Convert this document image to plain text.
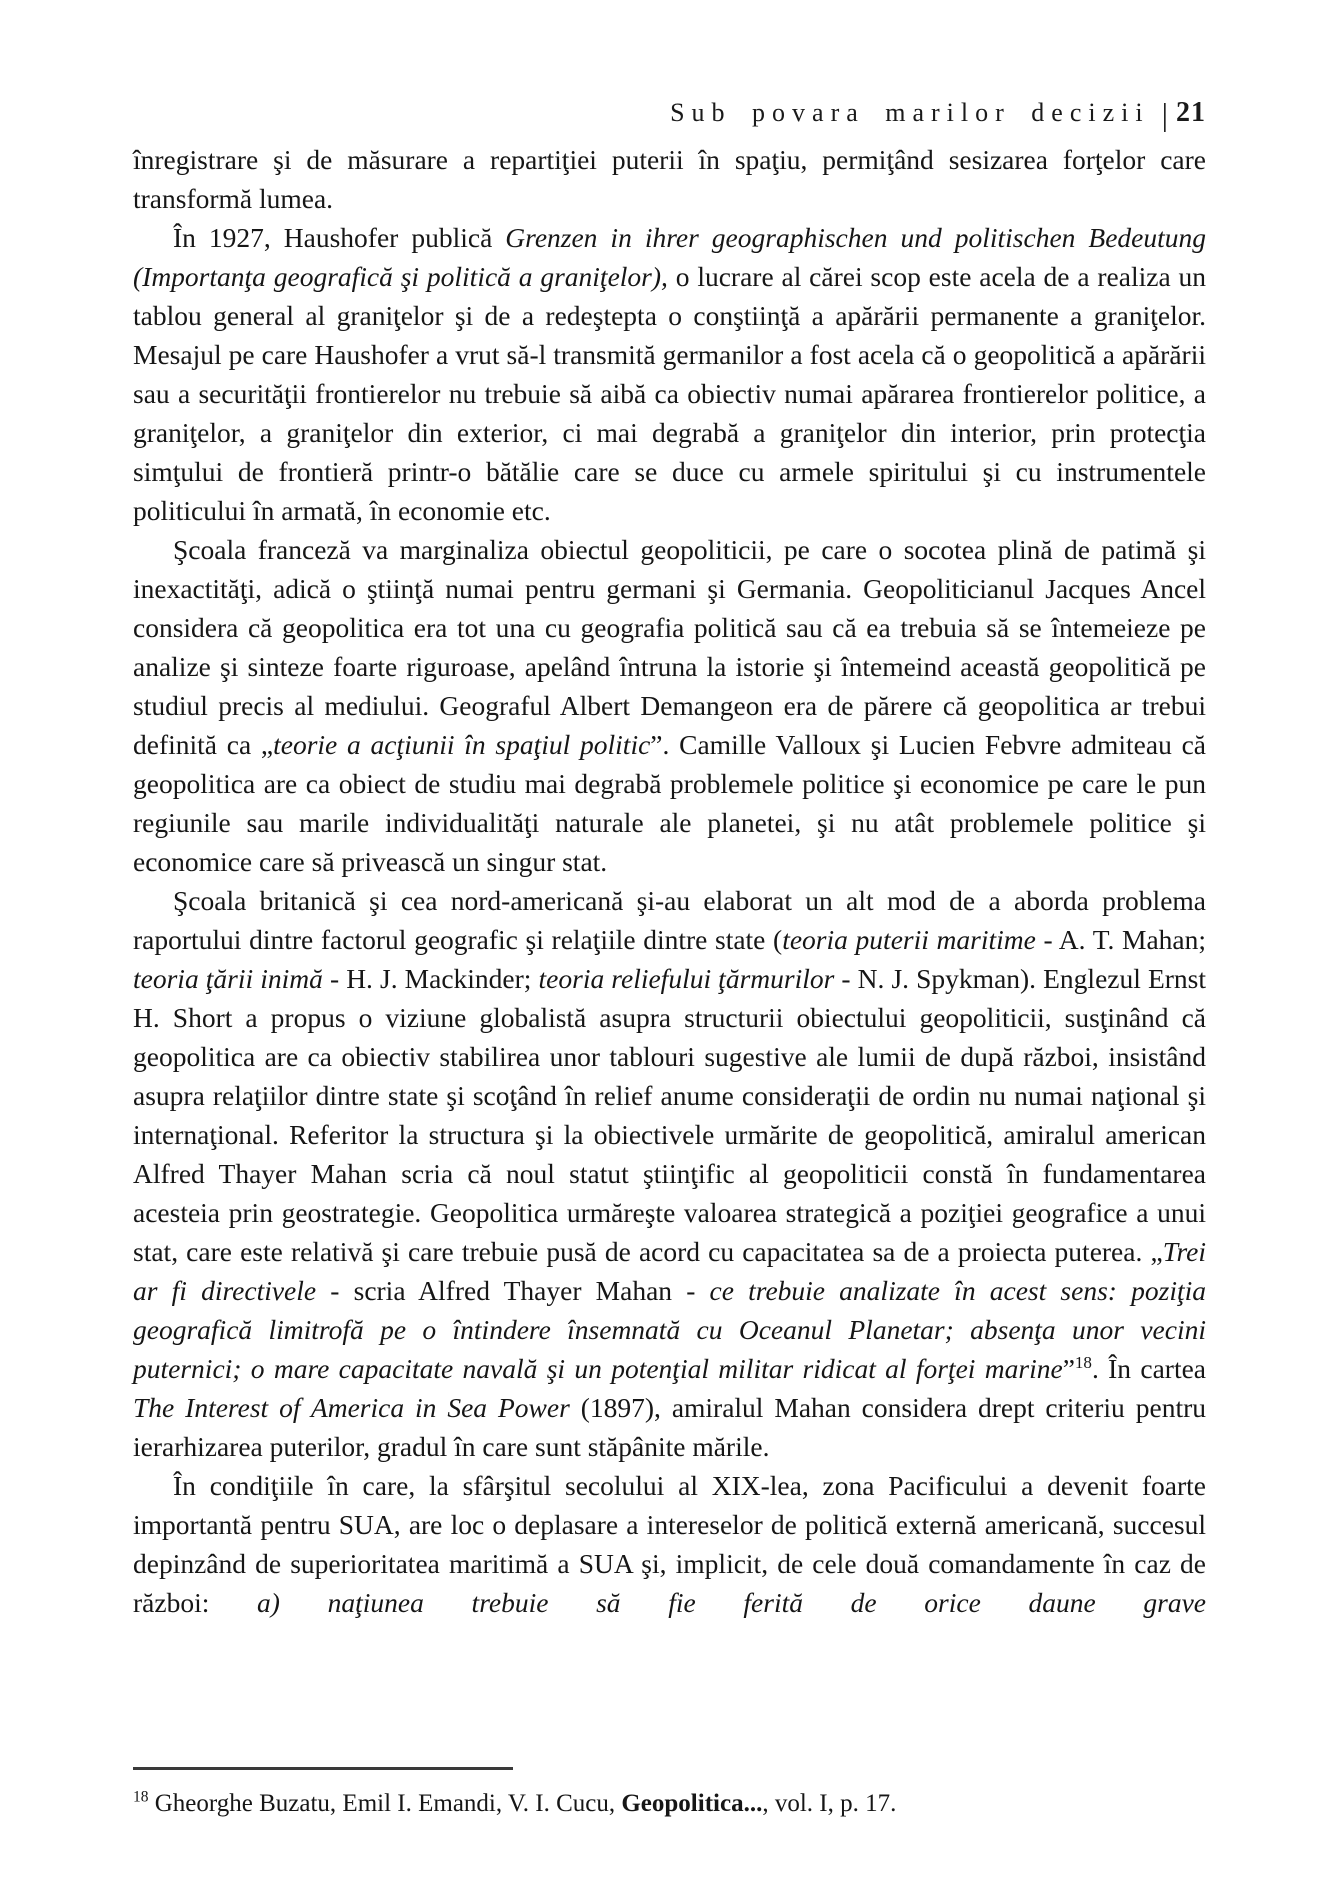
Sub povara marilor decizii | 21

înregistrare şi de măsurare a repartiţiei puterii în spaţiu, permiţând sesizarea forţelor care transformă lumea.

În 1927, Haushofer publică Grenzen in ihrer geographischen und politischen Bedeutung (Importanţa geografică şi politică a graniţelor), o lucrare al cărei scop este acela de a realiza un tablou general al graniţelor şi de a redeştepta o conştiinţă a apărării permanente a graniţelor. Mesajul pe care Haushofer a vrut să-l transmită germanilor a fost acela că o geopolitică a apărării sau a securităţii frontierelor nu trebuie să aibă ca obiectiv numai apărarea frontierelor politice, a graniţelor, a graniţelor din exterior, ci mai degrabă a graniţelor din interior, prin protecţia simţului de frontieră printr-o bătălie care se duce cu armele spiritului şi cu instrumentele politicului în armată, în economie etc.

Şcoala franceză va marginaliza obiectul geopoliticii, pe care o socotea plină de patimă şi inexactităţi, adică o ştiinţă numai pentru germani şi Germania. Geopoliticianul Jacques Ancel considera că geopolitica era tot una cu geografia politică sau că ea trebuia să se întemeieze pe analize şi sinteze foarte riguroase, apelând întruna la istorie şi întemeind această geopolitică pe studiul precis al mediului. Geograful Albert Demangeon era de părere că geopolitica ar trebui definită ca „teorie a acţiunii în spaţiul politic”. Camille Valloux şi Lucien Febvre admiteau că geopolitica are ca obiect de studiu mai degrabă problemele politice şi economice pe care le pun regiunile sau marile individualităţi naturale ale planetei, şi nu atât problemele politice şi economice care să privească un singur stat.

Şcoala britanică şi cea nord-americană şi-au elaborat un alt mod de a aborda problema raportului dintre factorul geografic şi relaţiile dintre state (teoria puterii maritime - A. T. Mahan; teoria ţării inimă - H. J. Mackinder; teoria reliefului ţărmurilor - N. J. Spykman). Englezul Ernst H. Short a propus o viziune globalistă asupra structurii obiectului geopoliticii, susţinând că geopolitica are ca obiectiv stabilirea unor tablouri sugestive ale lumii de după război, insistând asupra relaţiilor dintre state şi scoţând în relief anume consideraţii de ordin nu numai naţional şi internaţional. Referitor la structura şi la obiectivele urmărite de geopolitică, amiralul american Alfred Thayer Mahan scria că noul statut ştiinţific al geopoliticii constă în fundamentarea acesteia prin geostrategie. Geopolitica urmăreşte valoarea strategică a poziţiei geografice a unui stat, care este relativă şi care trebuie pusă de acord cu capacitatea sa de a proiecta puterea. „Trei ar fi directivele - scria Alfred Thayer Mahan - ce trebuie analizate în acest sens: poziţia geografică limitrofă pe o întindere însemnată cu Oceanul Planetar; absenţa unor vecini puternici; o mare capacitate navală şi un potenţial militar ridicat al forţei marine”$^{18}$. În cartea The Interest of America in Sea Power (1897), amiralul Mahan considera drept criteriu pentru ierarhizarea puterilor, gradul în care sunt stăpânite mările.

În condiţiile în care, la sfârşitul secolului al XIX-lea, zona Pacificului a devenit foarte importantă pentru SUA, are loc o deplasare a intereselor de politică externă americană, succesul depinzând de superioritatea maritimă a SUA şi, implicit, de cele două comandamente în caz de război: a) naţiunea trebuie să fie ferită de orice daune grave

$^{18}$ Gheorghe Buzatu, Emil I. Emandi, V. I. Cucu, Geopolitica..., vol. I, p. 17.
